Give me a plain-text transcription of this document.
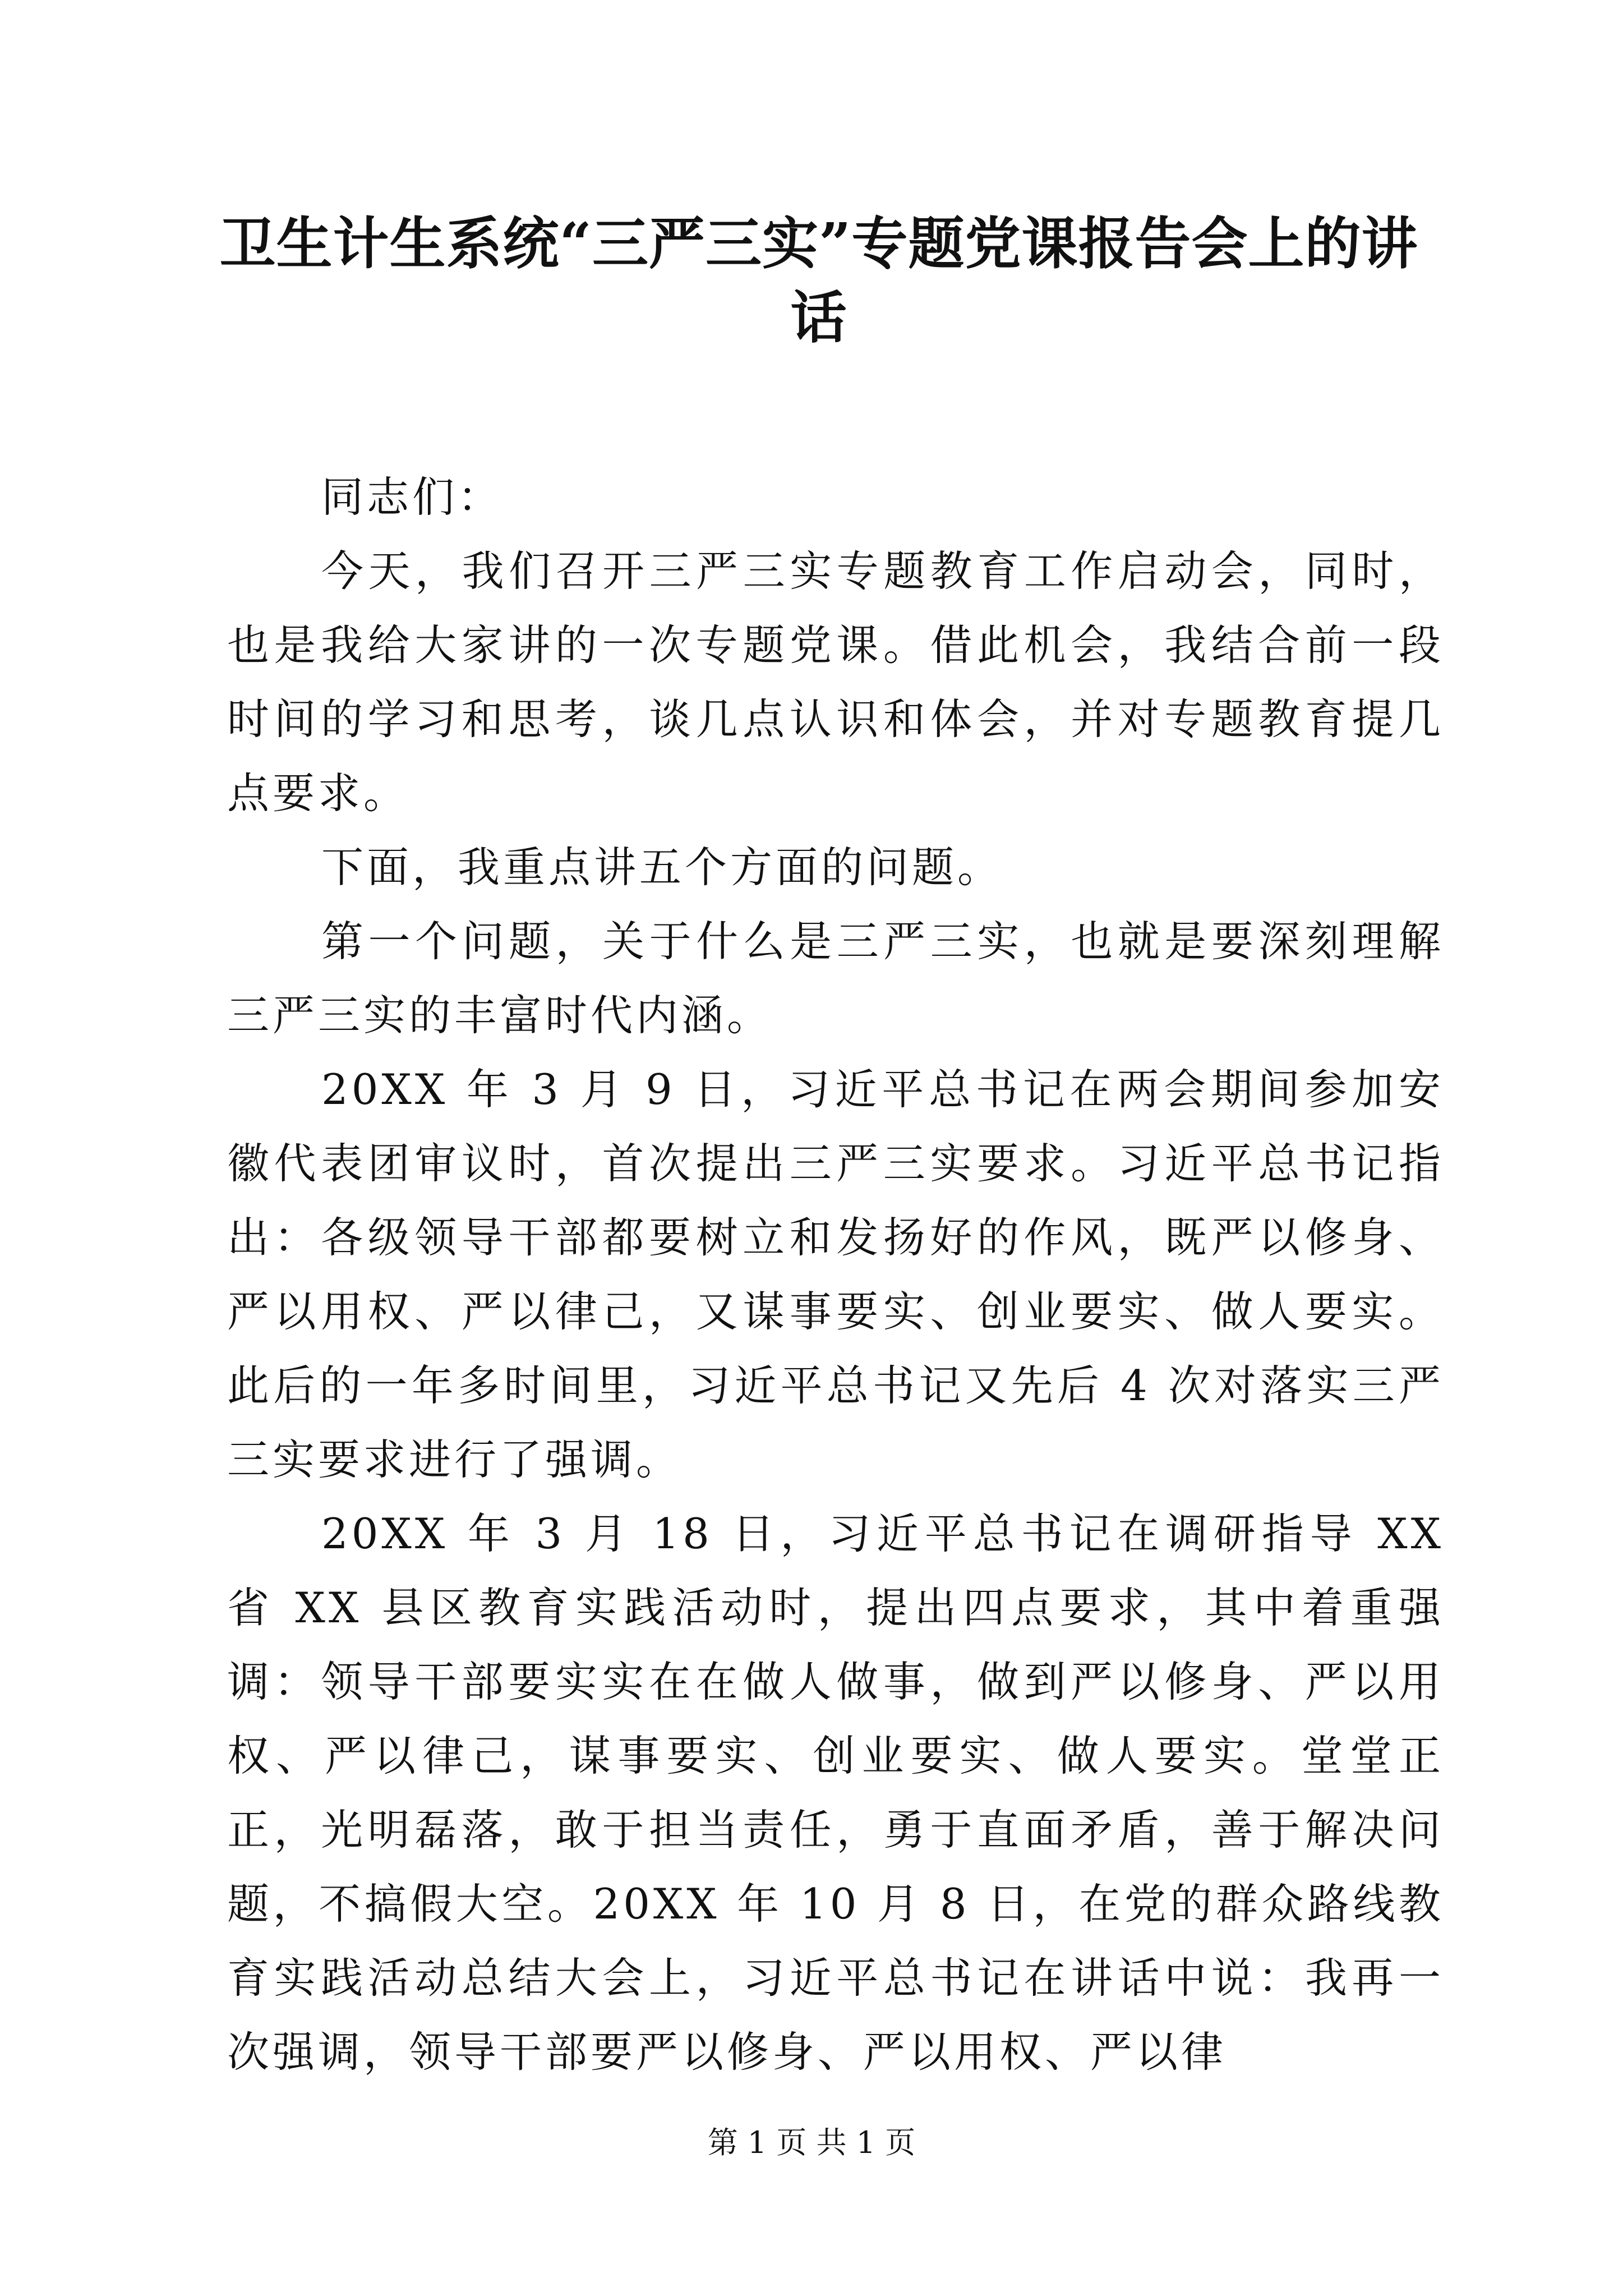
卫生计生系统“三严三实”专题党课报告会上的讲话

同志们：

今天，我们召开三严三实专题教育工作启动会，同时，也是我给大家讲的一次专题党课。借此机会，我结合前一段时间的学习和思考，谈几点认识和体会，并对专题教育提几点要求。

下面，我重点讲五个方面的问题。

第一个问题，关于什么是三严三实，也就是要深刻理解三严三实的丰富时代内涵。

20XX 年 3 月 9 日，习近平总书记在两会期间参加安徽代表团审议时，首次提出三严三实要求。习近平总书记指出：各级领导干部都要树立和发扬好的作风，既严以修身、严以用权、严以律己，又谋事要实、创业要实、做人要实。此后的一年多时间里，习近平总书记又先后 4 次对落实三严三实要求进行了强调。

20XX 年 3 月 18 日，习近平总书记在调研指导 XX 省 XX 县区教育实践活动时，提出四点要求，其中着重强调：领导干部要实实在在做人做事，做到严以修身、严以用权、严以律己，谋事要实、创业要实、做人要实。堂堂正正，光明磊落，敢于担当责任，勇于直面矛盾，善于解决问题，不搞假大空。20XX 年 10 月 8 日，在党的群众路线教育实践活动总结大会上，习近平总书记在讲话中说：我再一次强调，领导干部要严以修身、严以用权、严以律

第 1 页 共 1 页
